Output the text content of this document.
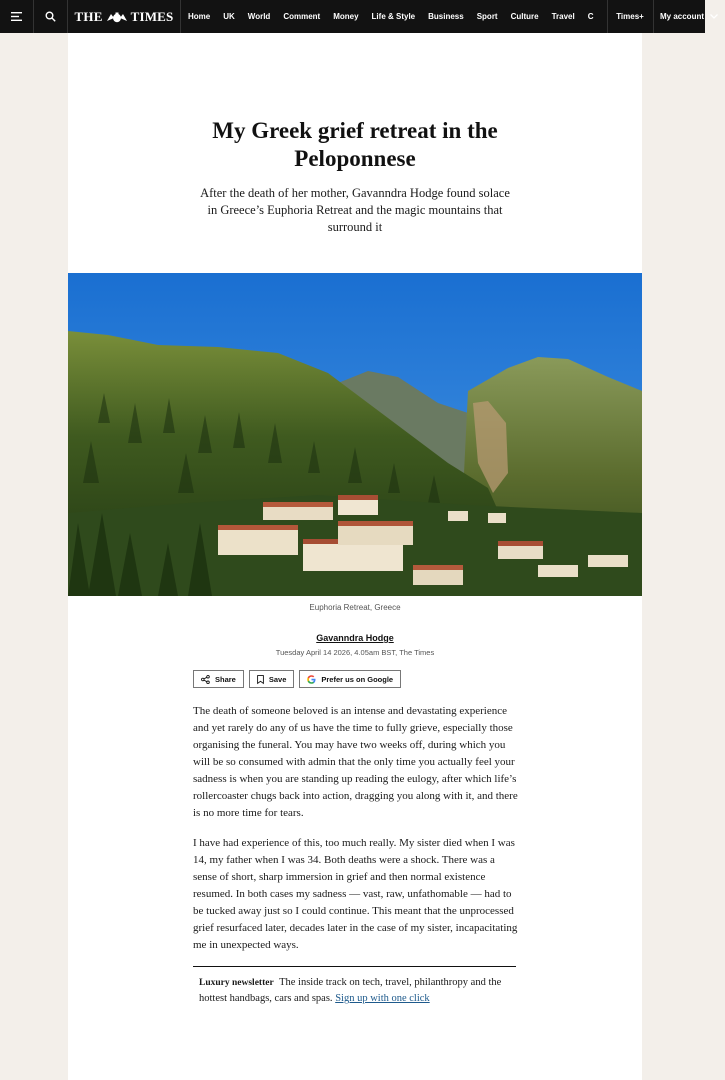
THE TIMES Home UK World Comment Money Life & Style Business Sport Culture Travel C	Times+	My account
My Greek grief retreat in the Peloponnese

After the death of her mother, Gavanndra Hodge found solace in Greece’s Euphoria Retreat and the magic mountains that surround it

Euphoria Retreat, Greece
Gavanndra Hodge
Tuesday April 14 2026, 4.05am BST, The Times
Share	Save	Prefer us on Google

The death of someone beloved is an intense and devastating experience and yet rarely do any of us have the time to fully grieve, especially those organising the funeral. You may have two weeks off, during which you will be so consumed with admin that the only time you actually feel your sadness is when you are standing up reading the eulogy, after which life’s rollercoaster chugs back into action, dragging you along with it, and there is no more time for tears.

I have had experience of this, too much really. My sister died when I was 14, my father when I was 34. Both deaths were a shock. There was a sense of short, sharp immersion in grief and then normal existence resumed. In both cases my sadness — vast, raw, unfathomable — had to be tucked away just so I could continue. This meant that the unprocessed grief resurfaced later, decades later in the case of my sister, incapacitating me in unexpected ways.

Luxury newsletter The inside track on tech, travel, philanthropy and the hottest handbags, cars and spas. Sign up with one click
